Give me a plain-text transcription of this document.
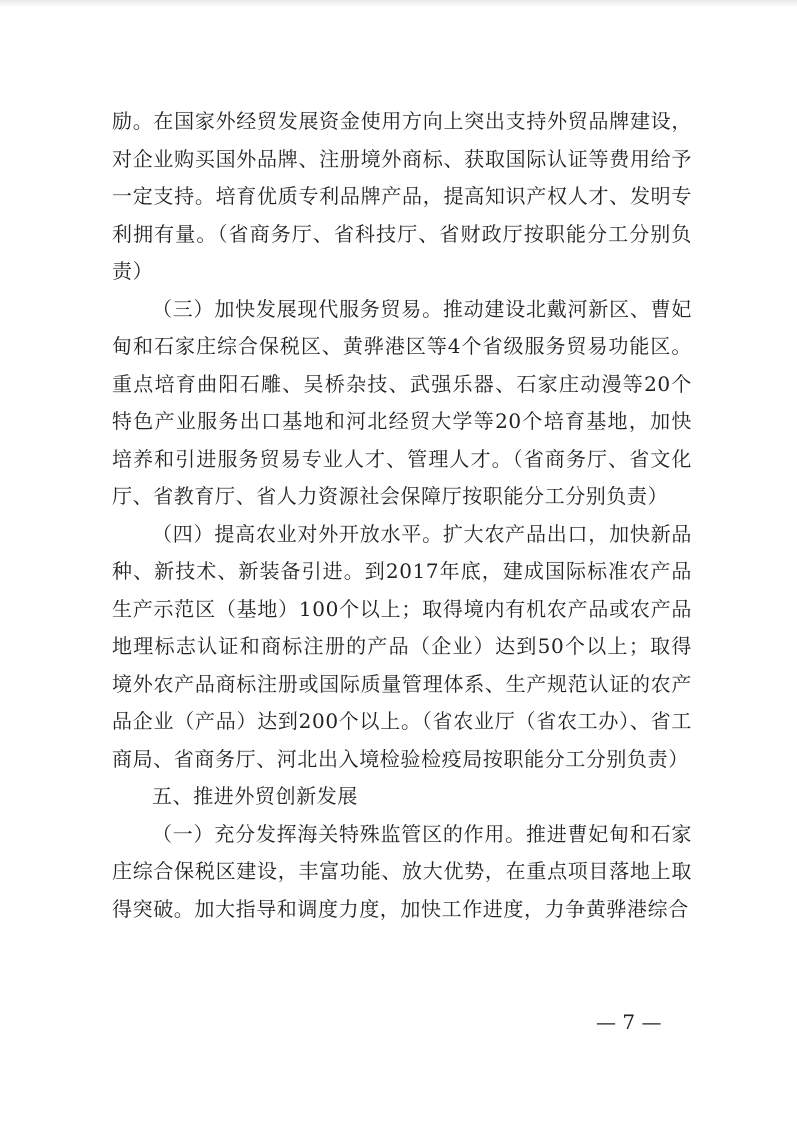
励。在国家外经贸发展资金使用方向上突出支持外贸品牌建设，对企业购买国外品牌、注册境外商标、获取国际认证等费用给予一定支持。培育优质专利品牌产品，提高知识产权人才、发明专利拥有量。（省商务厅、省科技厅、省财政厅按职能分工分别负责）

（三）加快发展现代服务贸易。推动建设北戴河新区、曹妃甸和石家庄综合保税区、黄骅港区等4个省级服务贸易功能区。重点培育曲阳石雕、吴桥杂技、武强乐器、石家庄动漫等20个特色产业服务出口基地和河北经贸大学等20个培育基地，加快培养和引进服务贸易专业人才、管理人才。（省商务厅、省文化厅、省教育厅、省人力资源社会保障厅按职能分工分别负责）

（四）提高农业对外开放水平。扩大农产品出口，加快新品种、新技术、新装备引进。到2017年底，建成国际标准农产品生产示范区（基地）100个以上；取得境内有机农产品或农产品地理标志认证和商标注册的产品（企业）达到50个以上；取得境外农产品商标注册或国际质量管理体系、生产规范认证的农产品企业（产品）达到200个以上。（省农业厅（省农工办）、省工商局、省商务厅、河北出入境检验检疫局按职能分工分别负责）

五、推进外贸创新发展

（一）充分发挥海关特殊监管区的作用。推进曹妃甸和石家庄综合保税区建设，丰富功能、放大优势，在重点项目落地上取得突破。加大指导和调度力度，加快工作进度，力争黄骅港综合

— 7 —
